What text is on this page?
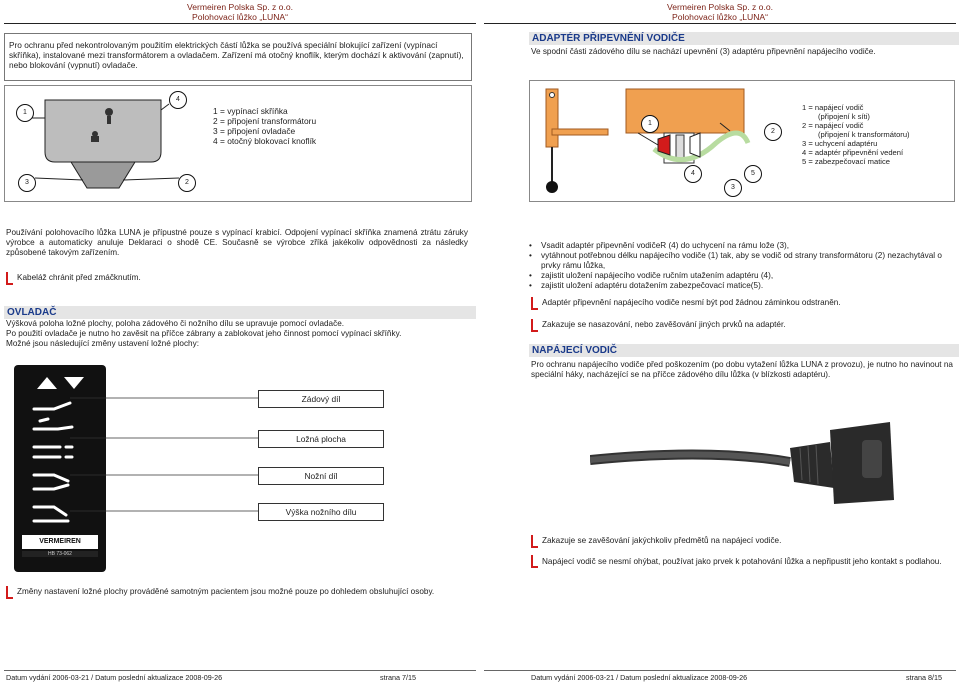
Vermeiren Polska Sp. z o.o.
Polohovací lůžko „LUNA“
Vermeiren Polska Sp. z o.o.
Polohovací lůžko „LUNA“

Pro ochranu před nekontrolovaným použitím elektrických částí lůžka se používá speciální blokující zařízení (vypínací skříňka), instalované mezi transformátorem a ovladačem. Zařízení má otočný knoflík, kterým dochází k aktivování (zapnutí), nebo blokování (vypnutí) ovladače.

1
4
3	2
1 = vypínací skříňka
2 = připojení transformátoru
3 = připojení ovladače
4 = otočný blokovací knoflík

Používání polohovacího lůžka LUNA je přípustné pouze s vypínací krabicí. Odpojení vypínací skříňka znamená ztrátu záruky výrobce a automaticky anuluje Deklaraci o shodě CE. Současně se výrobce zříká jakékoliv odpovědnosti za následky způsobené takovým zařízením.

Kabeláž chránit před zmáčknutím.
OVLADAČ

Výšková poloha ložné plochy, poloha zádového či nožního dílu se upravuje pomocí ovladače.

Po použití ovladače je nutno ho zavěsit na příčce zábrany a zablokovat jeho činnost pomocí vypínací skříňky.

Možné jsou následující změny ustavení ložné plochy:

VERMEIREN
HB 73-062
Zádový díl
Ložná plocha
Nožní díl
Výška nožního dílu
Změny nastavení ložné plochy prováděné samotným pacientem jsou možné pouze po dohledem obsluhující osoby.
ADAPTÉR PŘIPEVNĚNÍ VODIČE

Ve spodní části zádového dílu se nachází upevnění (3) adaptéru připevnění napájecího vodiče.

1
2
4	5
3
1 = napájecí vodič
(připojení k síti)
2 = napájecí vodič
(připojení k transformátoru)
3 = uchycení adaptéru
4 = adaptér připevnění vedení
5 = zabezpečovací matice
• Vsadit adaptér připevnění vodičeR (4) do uchycení na rámu lože (3),
• vytáhnout potřebnou délku napájecího vodiče (1) tak, aby se vodič od strany transformátoru (2) nezachytával o prvky rámu lůžka,
• zajistit uložení napájecího vodiče ručním utažením adaptéru (4),
• zajistit uložení adaptéru dotažením zabezpečovací matice(5).
Adaptér připevnění napájecího vodiče nesmí být pod žádnou záminkou odstraněn.
Zakazuje se nasazování, nebo zavěšování jiných prvků na adaptér.
NAPÁJECÍ VODIČ

Pro ochranu napájecího vodiče před poškozením (po dobu vytažení lůžka LUNA z provozu), je nutno ho navinout na speciální háky, nacházející se na příčce zádového dílu lůžka (v blízkosti adaptéru).

Zakazuje se zavěšování jakýchkoliv předmětů na napájecí vodiče.
Napájecí vodič se nesmí ohýbat, používat jako prvek k potahování lůžka a nepřipustit jeho kontakt s podlahou.
Datum vydání 2006-03-21 / Datum poslední aktualizace 2008-09-26	strana 7/15	Datum vydání 2006-03-21 / Datum poslední aktualizace 2008-09-26	strana 8/15
